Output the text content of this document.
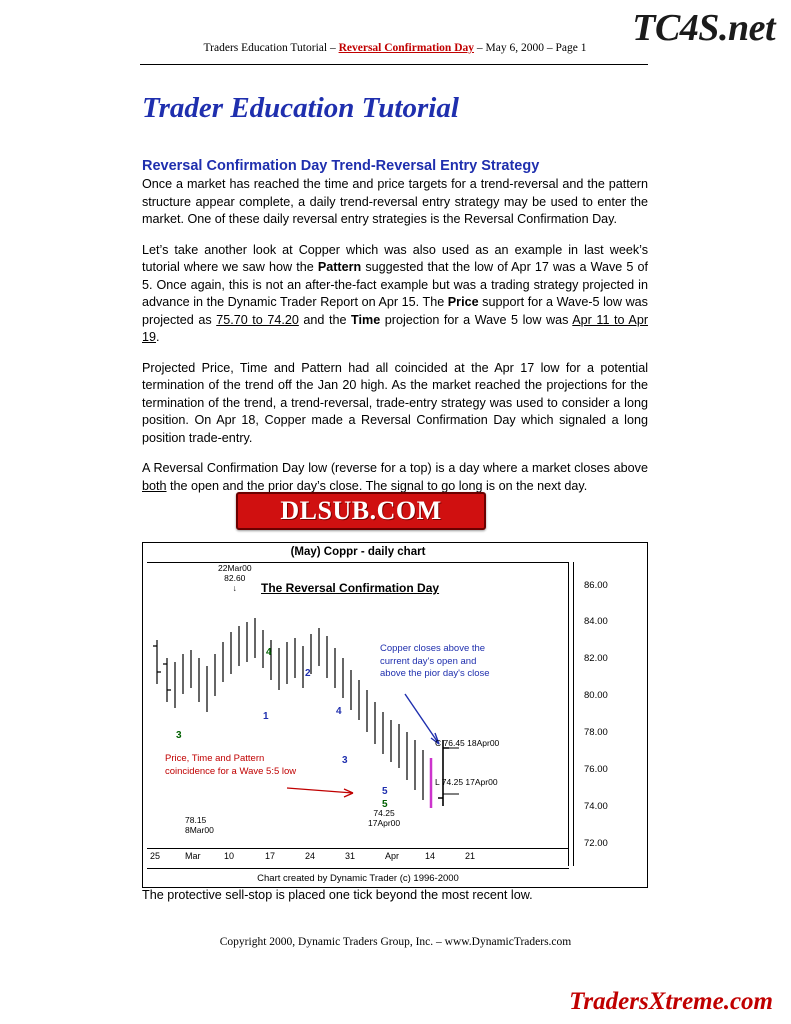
TC4S.net
Traders Education Tutorial – Reversal Confirmation Day – May 6, 2000 – Page 1
Trader Education Tutorial
Reversal Confirmation Day Trend-Reversal Entry Strategy

Once a market has reached the time and price targets for a trend-reversal and the pattern structure appear complete, a daily trend-reversal entry strategy may be used to enter the market. One of these daily reversal entry strategies is the Reversal Confirmation Day.

Let’s take another look at Copper which was also used as an example in last week’s tutorial where we saw how the Pattern suggested that the low of Apr 17 was a Wave 5 of 5. Once again, this is not an after-the-fact example but was a trading strategy projected in advance in the Dynamic Trader Report on Apr 15. The Price support for a Wave-5 low was projected as 75.70 to 74.20 and the Time projection for a Wave 5 low was Apr 11 to Apr 19.

Projected Price, Time and Pattern had all coincided at the Apr 17 low for a potential termination of the trend off the Jan 20 high. As the market reached the projections for the termination of the trend, a trend-reversal, trade-entry strategy was used to consider a long position. On Apr 18, Copper made a Reversal Confirmation Day which signaled a long position trade-entry.

A Reversal Confirmation Day low (reverse for a top) is a day where a market closes above both the open and the prior day’s close. The signal to go long is on the next day.

DLSUB.COM
(May) Coppr - daily chart
The Reversal Confirmation Day
22Mar00
82.60
↓
Copper closes above the
current day's open and
above the pior day's close
Price, Time and Pattern
coincidence for a Wave 5:5 low
C 76.45 18Apr00
L 74.25 17Apr00
78.15
8Mar00
74.25
17Apr00
4
2
1	4
3
3
5
5
86.00
84.00
82.00
80.00
78.00
76.00
74.00
72.00
25	Mar	10	17	24	31	Apr	14	21
Chart created by Dynamic Trader (c) 1996-2000
The protective sell-stop is placed one tick beyond the most recent low.
Copyright 2000, Dynamic Traders Group, Inc. – www.DynamicTraders.com
TradersXtreme.com
